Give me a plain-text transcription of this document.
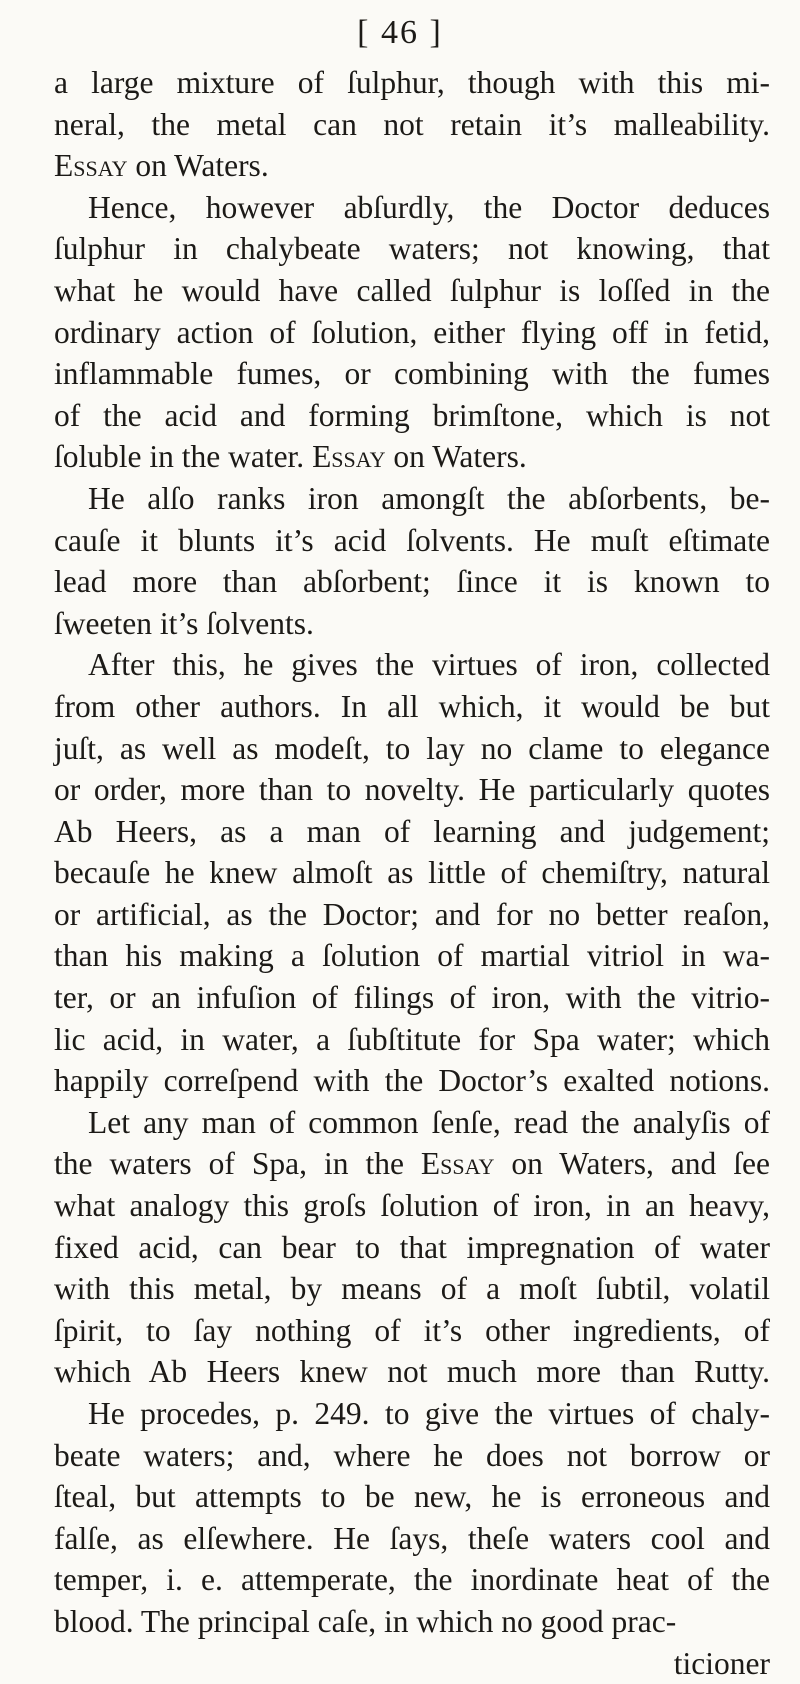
[ 46 ]
a large mixture of ſulphur, though with this mi-
neral, the metal can not retain it’s malleability.
Essay on Waters.
Hence, however abſurdly, the Doctor deduces
ſulphur in chalybeate waters; not knowing, that
what he would have called ſulphur is loſſed in the
ordinary action of ſolution, either flying off in fetid,
inflammable fumes, or combining with the fumes
of the acid and forming brimſtone, which is not
ſoluble in the water. Essay on Waters.
He alſo ranks iron amongſt the abſorbents, be-
cauſe it blunts it’s acid ſolvents. He muſt eſtimate
lead more than abſorbent; ſince it is known to
ſweeten it’s ſolvents.
After this, he gives the virtues of iron, collected
from other authors. In all which, it would be but
juſt, as well as modeſt, to lay no clame to elegance
or order, more than to novelty. He particularly quotes
Ab Heers, as a man of learning and judgement;
becauſe he knew almoſt as little of chemiſtry, natural
or artificial, as the Doctor; and for no better reaſon,
than his making a ſolution of martial vitriol in wa-
ter, or an infuſion of filings of iron, with the vitrio-
lic acid, in water, a ſubſtitute for Spa water; which
happily correſpend with the Doctor’s exalted notions.
Let any man of common ſenſe, read the analyſis of
the waters of Spa, in the Essay on Waters, and ſee
what analogy this groſs ſolution of iron, in an heavy,
fixed acid, can bear to that impregnation of water
with this metal, by means of a moſt ſubtil, volatil
ſpirit, to ſay nothing of it’s other ingredients, of
which Ab Heers knew not much more than Rutty.
He procedes, p. 249. to give the virtues of chaly-
beate waters; and, where he does not borrow or
ſteal, but attempts to be new, he is erroneous and
falſe, as elſewhere. He ſays, theſe waters cool and
temper, i. e. attemperate, the inordinate heat of the
blood. The principal caſe, in which no good prac-
ticioner
